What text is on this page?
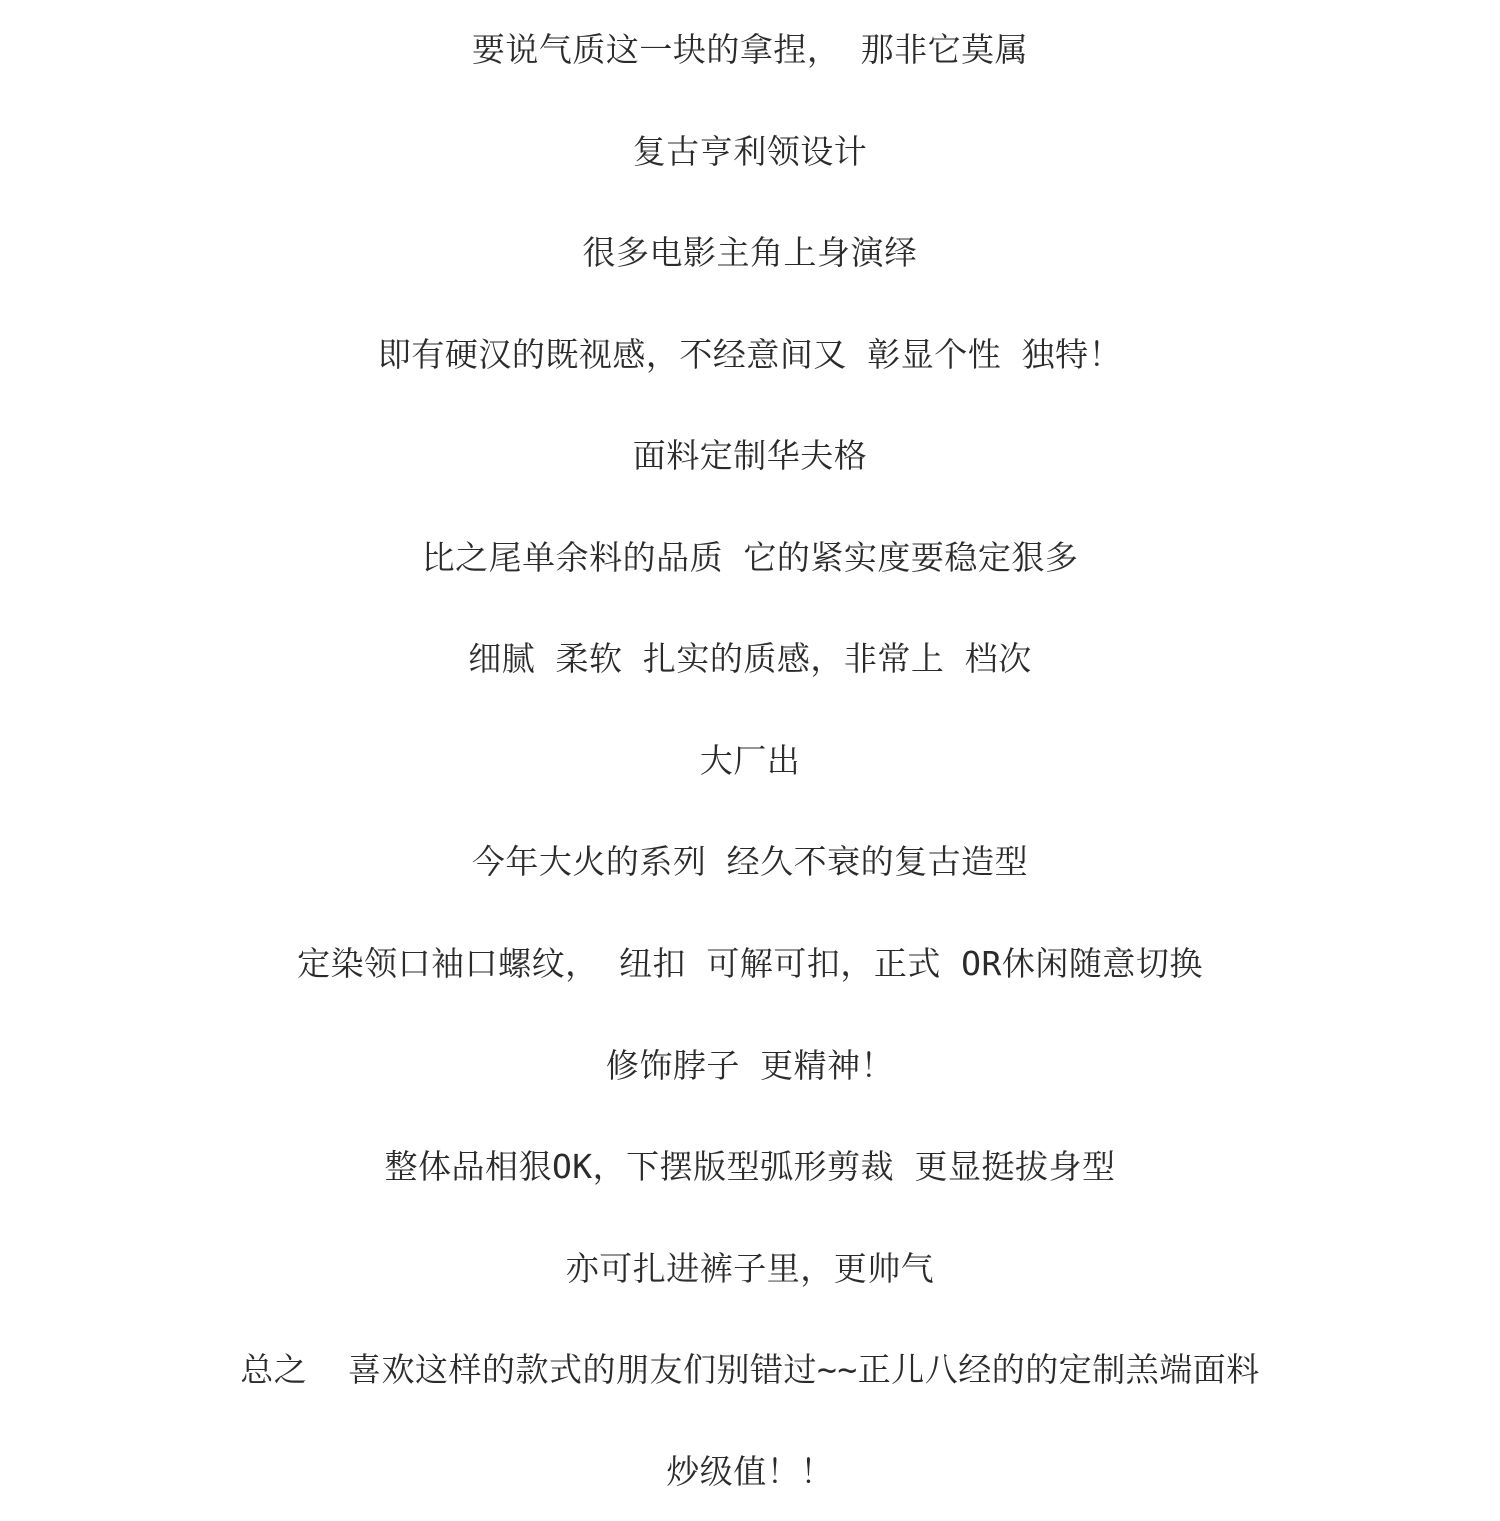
要说气质这一块的拿捏， 那非它莫属
复古亨利领设计
很多电影主角上身演绎
即有硬汉的既视感，不经意间又 彰显个性 独特！
面料定制华夫格
比之尾单余料的品质 它的紧实度要稳定狠多
细腻 柔软 扎实的质感，非常上 档次
大厂出
今年大火的系列 经久不衰的复古造型
定染领口袖口螺纹， 纽扣 可解可扣，正式 OR休闲随意切换
修饰脖子 更精神！
整体品相狠OK，下摆版型弧形剪裁 更显挺拔身型
亦可扎进裤子里，更帅气
总之  喜欢这样的款式的朋友们别错过~~正儿八经的的定制羔端面料
炒级值！！
